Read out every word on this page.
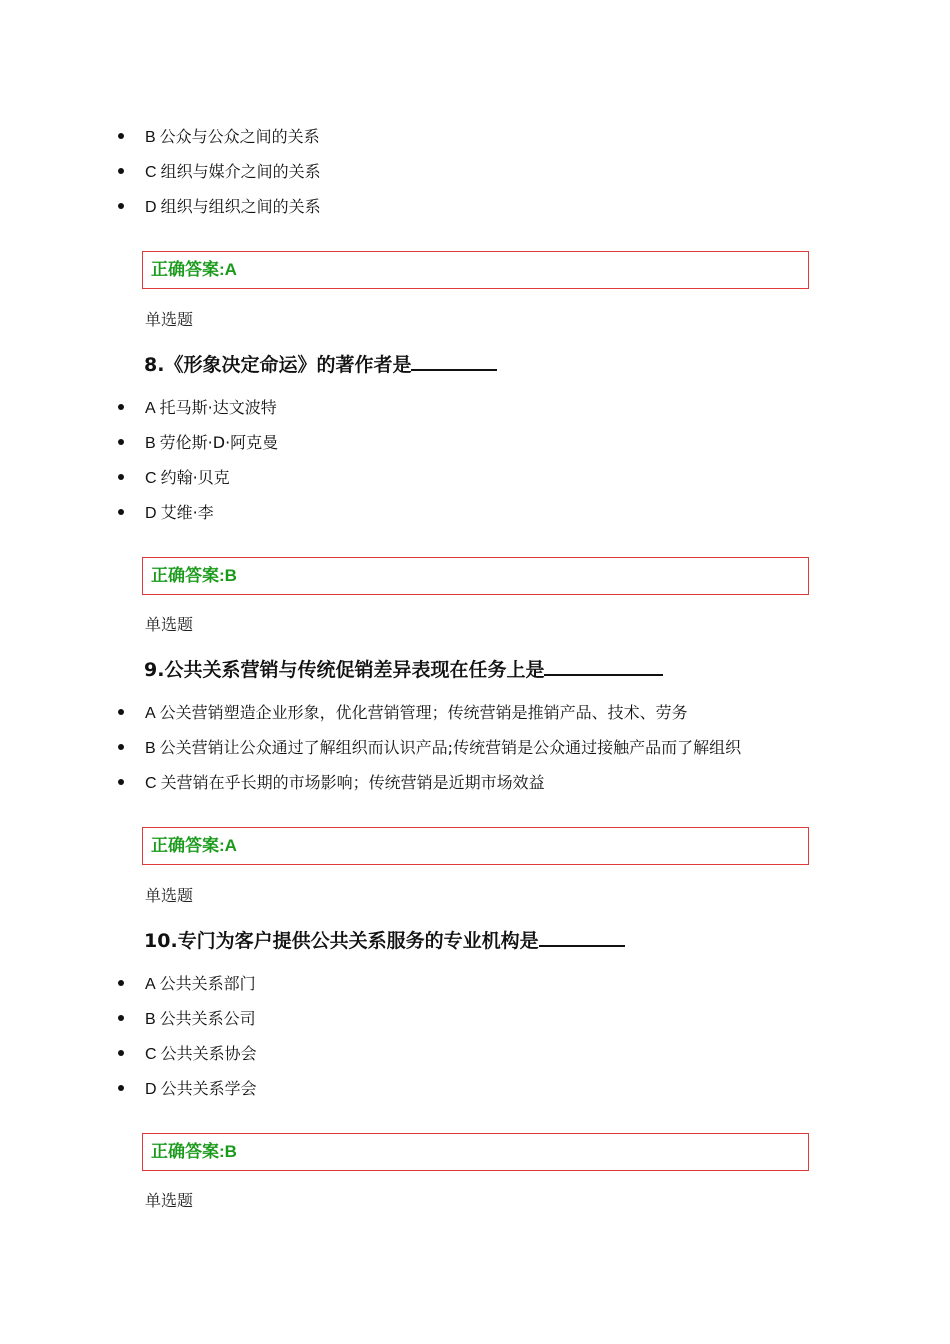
B 公众与公众之间的关系
C 组织与媒介之间的关系
D 组织与组织之间的关系
正确答案:A
单选题
8.《形象决定命运》的著作者是
A 托马斯·达文波特
B 劳伦斯·D·阿克曼
C 约翰·贝克
D 艾维·李
正确答案:B
单选题
9.公共关系营销与传统促销差异表现在任务上是
A 公关营销塑造企业形象，优化营销管理；传统营销是推销产品、技术、劳务
B 公关营销让公众通过了解组织而认识产品;传统营销是公众通过接触产品而了解组织
C 关营销在乎长期的市场影响；传统营销是近期市场效益
正确答案:A
单选题
10.专门为客户提供公共关系服务的专业机构是
A 公共关系部门
B 公共关系公司
C 公共关系协会
D 公共关系学会
正确答案:B
单选题
